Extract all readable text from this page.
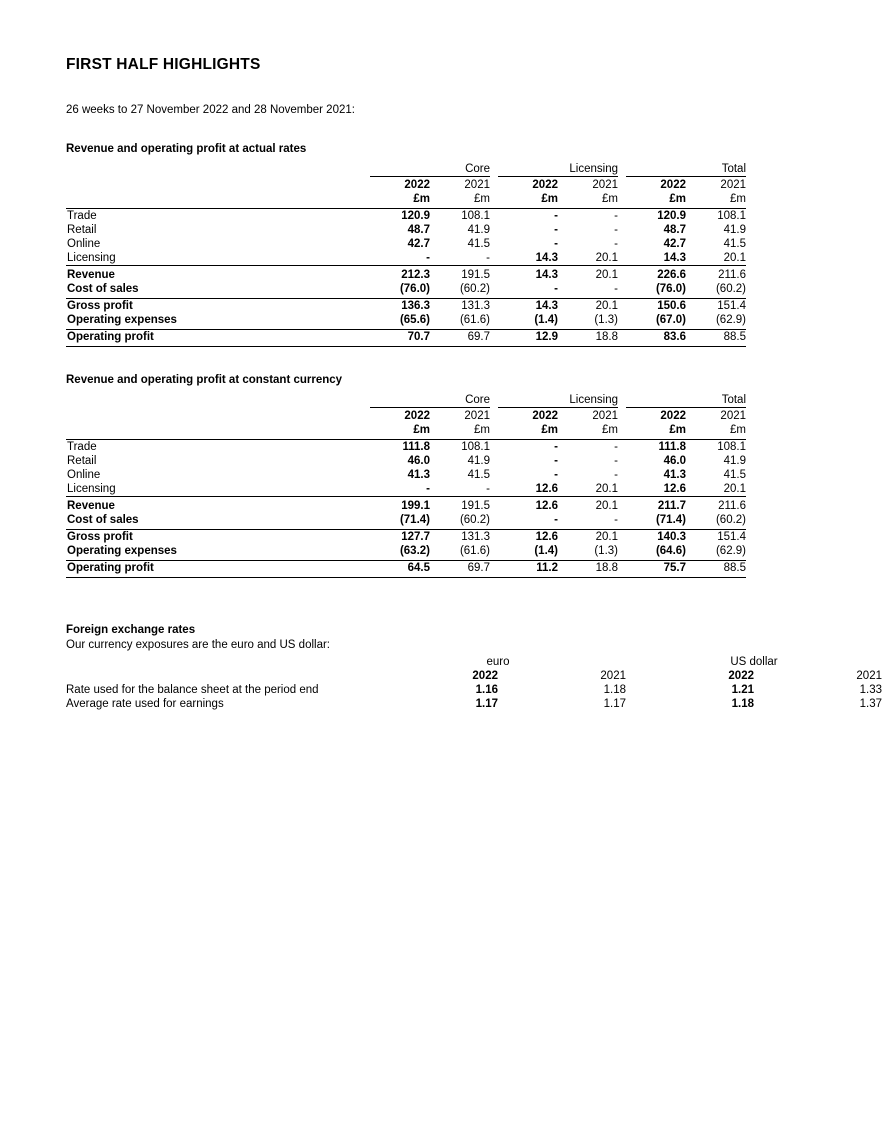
FIRST HALF HIGHLIGHTS
26 weeks to 27 November 2022 and 28 November 2021:
Revenue and operating profit at actual rates
	Core			Licensing			Total	
	2022	2021		2022	2021		2022	2021
	£m	£m		£m	£m		£m	£m
Trade	120.9	108.1		-	-		120.9	108.1
Retail	48.7	41.9		-	-		48.7	41.9
Online	42.7	41.5		-	-		42.7	41.5
Licensing	-	-		14.3	20.1		14.3	20.1
Revenue	212.3	191.5		14.3	20.1		226.6	211.6
Cost of sales	(76.0)	(60.2)		-	-		(76.0)	(60.2)
Gross profit	136.3	131.3		14.3	20.1		150.6	151.4
Operating expenses	(65.6)	(61.6)		(1.4)	(1.3)		(67.0)	(62.9)
Operating profit	70.7	69.7		12.9	18.8		83.6	88.5
Revenue and operating profit at constant currency
	Core			Licensing			Total	
	2022	2021		2022	2021		2022	2021
	£m	£m		£m	£m		£m	£m
Trade	111.8	108.1		-	-		111.8	108.1
Retail	46.0	41.9		-	-		46.0	41.9
Online	41.3	41.5		-	-		41.3	41.5
Licensing	-	-		12.6	20.1		12.6	20.1
Revenue	199.1	191.5		12.6	20.1		211.7	211.6
Cost of sales	(71.4)	(60.2)		-	-		(71.4)	(60.2)
Gross profit	127.7	131.3		12.6	20.1		140.3	151.4
Operating expenses	(63.2)	(61.6)		(1.4)	(1.3)		(64.6)	(62.9)
Operating profit	64.5	69.7		11.2	18.8		75.7	88.5
Foreign exchange rates
Our currency exposures are the euro and US dollar:
	euro		US dollar	
	2022	2021	2022	2021
Rate used for the balance sheet at the period end	1.16	1.18	1.21	1.33
Average rate used for earnings	1.17	1.17	1.18	1.37
